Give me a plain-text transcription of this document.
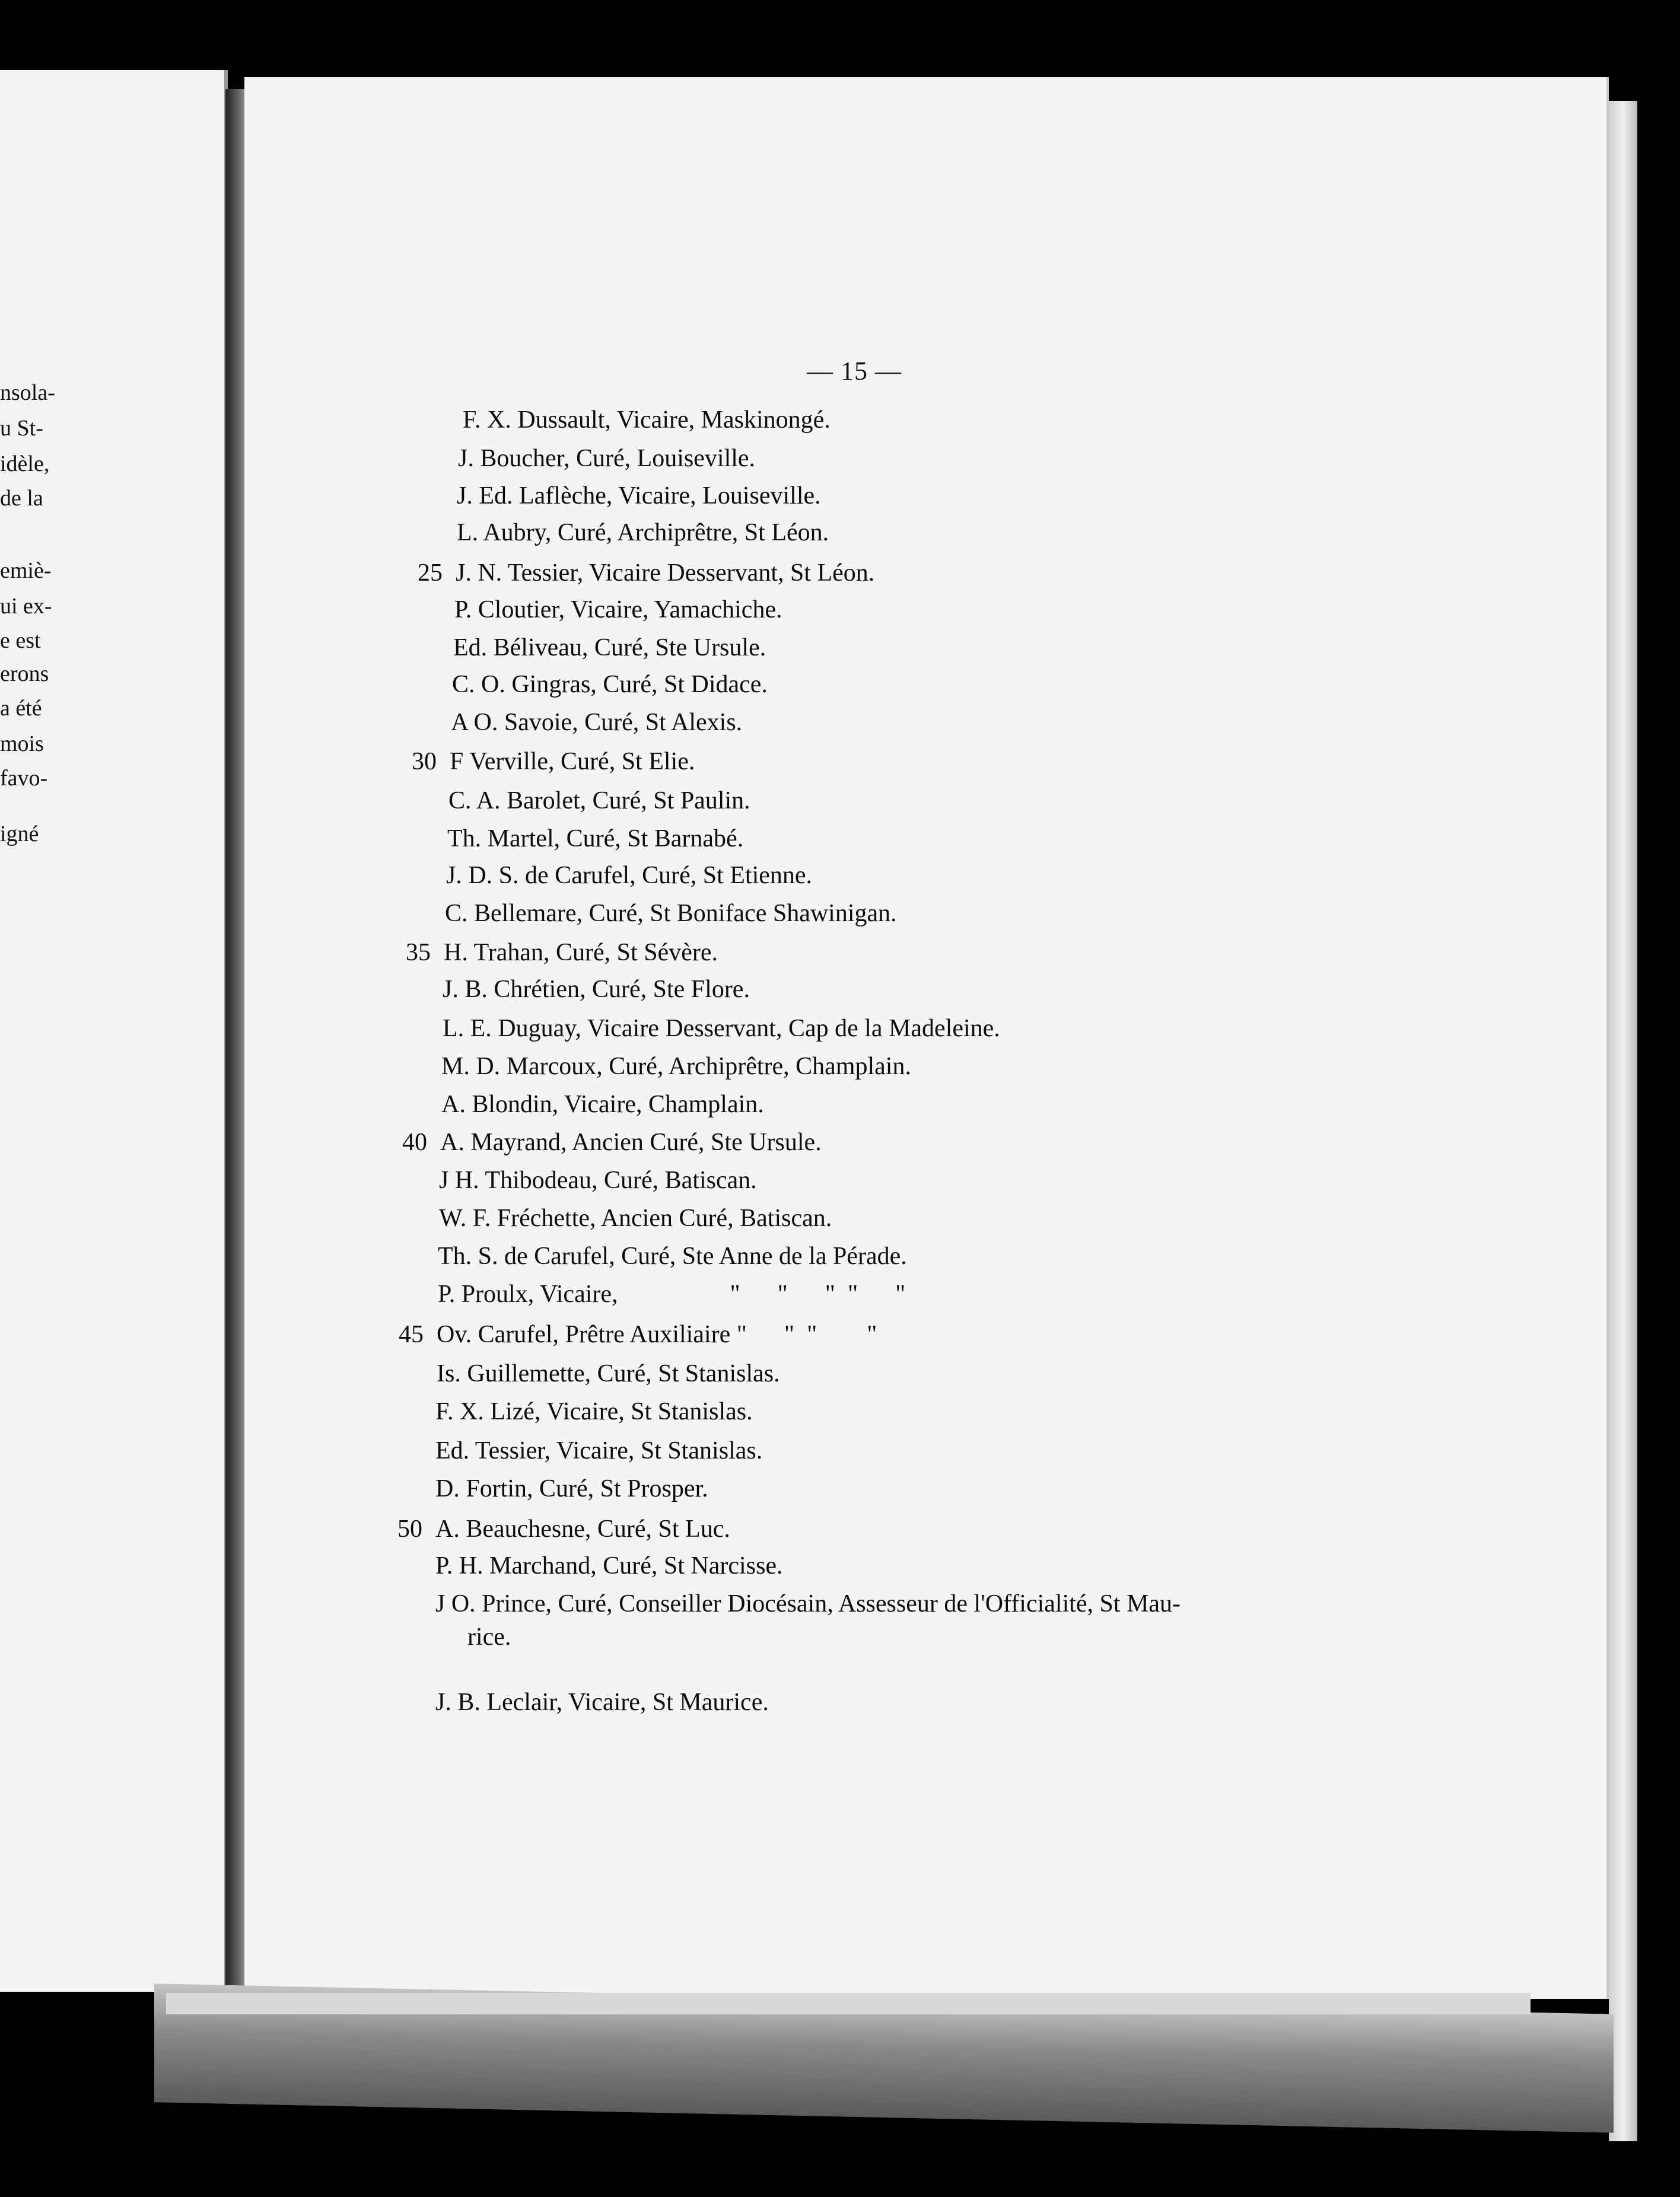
nsola-
u St-
idèle,
de la
emiè-
ui ex-
e est
erons
a été
mois
favo-
igné
— 15 —
F. X. Dussault, Vicaire, Maskinongé.
J. Boucher, Curé, Louiseville.
J. Ed. Laflèche, Vicaire, Louiseville.
L. Aubry, Curé, Archiprêtre, St Léon.
25 J. N. Tessier, Vicaire Desservant, St Léon.
P. Cloutier, Vicaire, Yamachiche.
Ed. Béliveau, Curé, Ste Ursule.
C. O. Gingras, Curé, St Didace.
A O. Savoie, Curé, St Alexis.
30 F Verville, Curé, St Elie.
C. A. Barolet, Curé, St Paulin.
Th. Martel, Curé, St Barnabé.
J. D. S. de Carufel, Curé, St Etienne.
C. Bellemare, Curé, St Boniface Shawinigan.
35 H. Trahan, Curé, St Sévère.
J. B. Chrétien, Curé, Ste Flore.
L. E. Duguay, Vicaire Desservant, Cap de la Madeleine.
M. D. Marcoux, Curé, Archiprêtre, Champlain.
A. Blondin, Vicaire, Champlain.
40 A. Mayrand, Ancien Curé, Ste Ursule.
J H. Thibodeau, Curé, Batiscan.
W. F. Fréchette, Ancien Curé, Batiscan.
Th. S. de Carufel, Curé, Ste Anne de la Pérade.
P. Proulx, Vicaire,                  "      "      "  "      "
45 Ov. Carufel, Prêtre Auxiliaire "      "  "        "
Is. Guillemette, Curé, St Stanislas.
F. X. Lizé, Vicaire, St Stanislas.
Ed. Tessier, Vicaire, St Stanislas.
D. Fortin, Curé, St Prosper.
50 A. Beauchesne, Curé, St Luc.
P. H. Marchand, Curé, St Narcisse.
J O. Prince, Curé, Conseiller Diocésain, Assesseur de l'Officialité, St Mau-
rice.
J. B. Leclair, Vicaire, St Maurice.
